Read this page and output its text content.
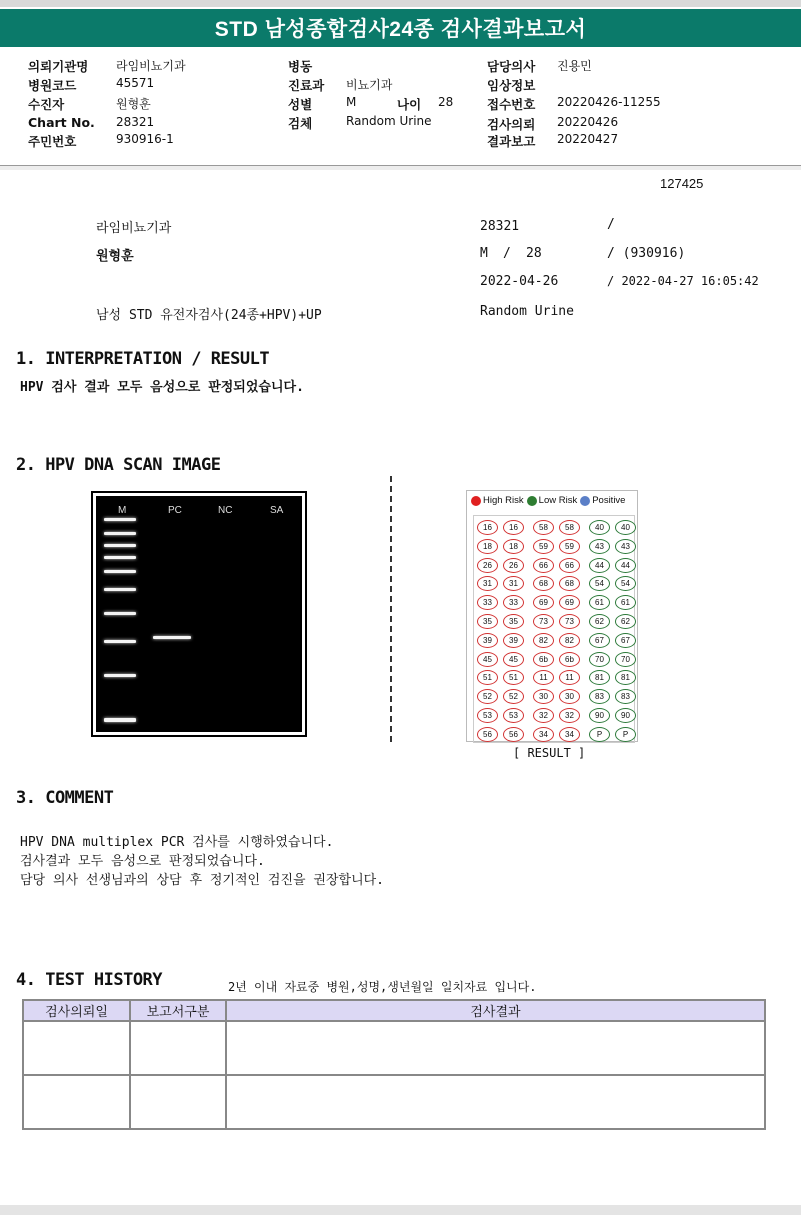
STD 남성종합검사24종 검사결과보고서
의뢰기관명 라임비뇨기과
병원코드	45571
수진자	원형훈
Chart No. 28321
주민번호	930916-1
병동
진료과 비뇨기과
성별	M	나이 28
검체	Random Urine
담당의사 진용민
임상정보
접수번호 20220426-11255
검사의뢰 20220426
결과보고 20220427
127425
라임비뇨기과
원형훈
남성 STD 유전자검사(24종+HPV)+UP
28321	/
M / 28	/ (930916)
2022-04-26	/ 2022-04-27 16:05:42
Random Urine
1. INTERPRETATION / RESULT
HPV 검사 결과 모두 음성으로 판정되었습니다.
2. HPV DNA SCAN IMAGE
M	PC	NC	SA
High Risk Low Risk Positive
16	16
18	18
26	26
31	31
33	33
35	35
39	39
45	45
51	51
52	52
53	53
56	56
58	58
59	59
66	66
68	68
69	69
73	73
82	82
6b	6b
11	11
30	30
32	32
34	34
40	40
43	43
44	44
54	54
61	61
62	62
67	67
70	70
81	81
83	83
90	90
P	P
[ RESULT ]
3. COMMENT
HPV DNA multiplex PCR 검사를 시행하였습니다.
검사결과 모두 음성으로 판정되었습니다.
담당 의사 선생님과의 상담 후 정기적인 검진을 권장합니다.
4. TEST HISTORY	2년 이내 자료중 병원,성명,생년월일 일치자료 입니다.
검사의뢰일	보고서구분	검사결과
